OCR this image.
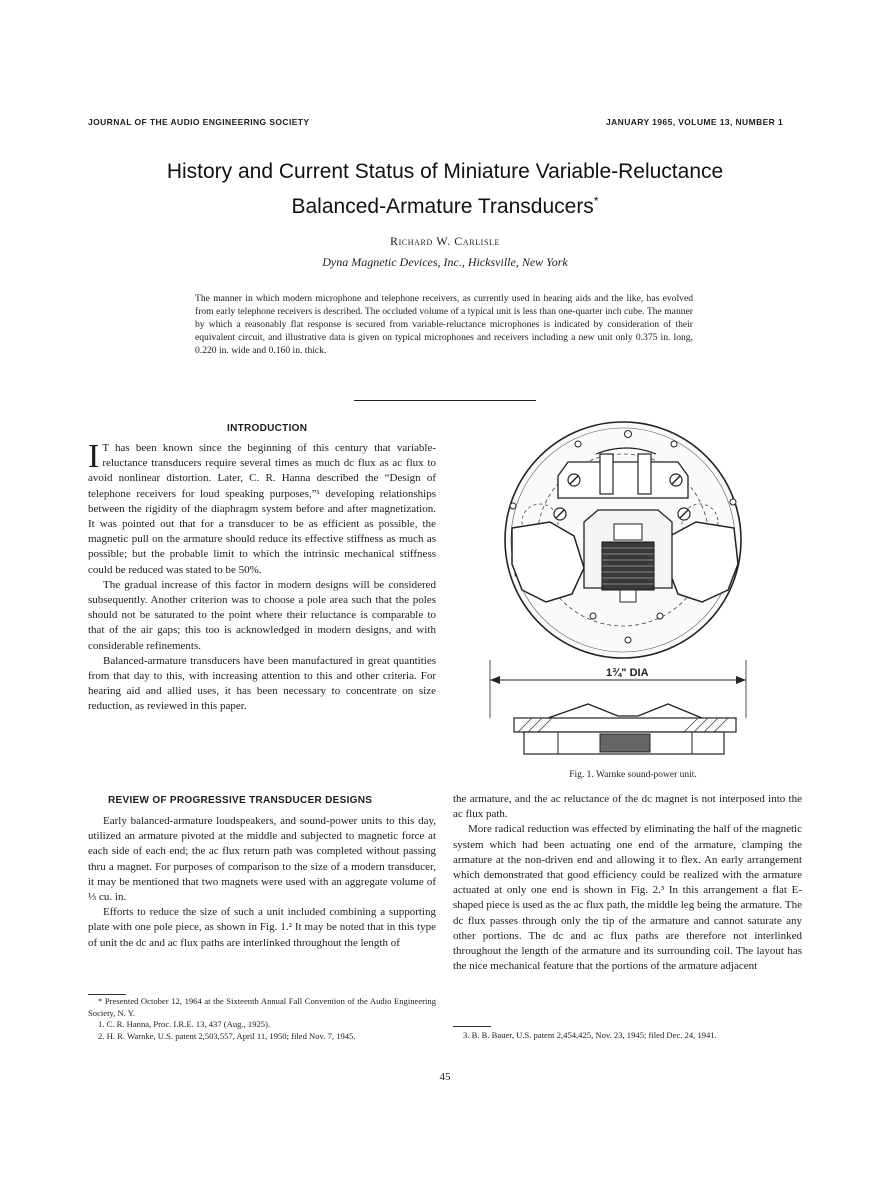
JOURNAL OF THE AUDIO ENGINEERING SOCIETY	JANUARY 1965, VOLUME 13, NUMBER 1
History and Current Status of Miniature Variable-Reluctance
Balanced-Armature Transducers*
Richard W. Carlisle
Dyna Magnetic Devices, Inc., Hicksville, New York
The manner in which modern microphone and telephone receivers, as currently used in hearing aids and the like, has evolved from early telephone receivers is described. The occluded volume of a typical unit is less than one-quarter inch cube. The manner by which a reasonably flat response is secured from variable-reluctance microphones is indicated by consideration of their equivalent circuit, and illustrative data is given on typical microphones and receivers including a new unit only 0.375 in. long, 0.220 in. wide and 0.160 in. thick.
INTRODUCTION

I T has been known since the beginning of this century that variable-reluctance transducers require several times as much dc flux as ac flux to avoid nonlinear distortion. Later, C. R. Hanna described the “Design of telephone receivers for loud speaking purposes,”¹ developing relationships between the rigidity of the diaphragm system before and after magnetization. It was pointed out that for a transducer to be as efficient as possible, the magnetic pull on the armature should reduce its effective stiffness as much as possible; but the probable limit to which the intrinsic mechanical stiffness could be reduced was stated to be 50%.

The gradual increase of this factor in modern designs will be considered subsequently. Another criterion was to choose a pole area such that the poles should not be saturated to the point where their reluctance is comparable to that of the air gaps; this too is acknowledged in modern designs, and with considerable refinements.

Balanced-armature transducers have been manufactured in great quantities from that day to this, with increasing attention to this and other criteria. For hearing aid and allied uses, it has been necessary to concentrate on size reduction, as reviewed in this paper.

REVIEW OF PROGRESSIVE TRANSDUCER DESIGNS

Early balanced-armature loudspeakers, and sound-power units to this day, utilized an armature pivoted at the middle and subjected to magnetic force at each side of each end; the ac flux return path was completed without passing thru a magnet. For purposes of comparison to the size of a modern transducer, it may be mentioned that two magnets were used with an aggregate volume of ⅓ cu. in.

Efforts to reduce the size of such a unit included combining a supporting plate with one pole piece, as shown in Fig. 1.² It may be noted that in this type of unit the dc and ac flux paths are interlinked throughout the length of

* Presented October 12, 1964 at the Sixteenth Annual Fall Convention of the Audio Engineering Society, N. Y.

1. C. R. Hanna, Proc. I.R.E. 13, 437 (Aug., 1925).

2. H. R. Warnke, U.S. patent 2,503,557, April 11, 1950; filed Nov. 7, 1945.

1¾" DIA
Fig. 1. Warnke sound-power unit.

the armature, and the ac reluctance of the dc magnet is not interposed into the ac flux path.

More radical reduction was effected by eliminating the half of the magnetic system which had been actuating one end of the armature, clamping the armature at the non-driven end and allowing it to flex. An early arrangement which demonstrated that good efficiency could be realized with the armature actuated at only one end is shown in Fig. 2.³ In this arrangement a flat E-shaped piece is used as the ac flux path, the middle leg being the armature. The dc flux passes through only the tip of the armature and cannot saturate any other portions. The dc and ac flux paths are therefore not interlinked throughout the length of the armature and its surrounding coil. The layout has the nice mechanical feature that the portions of the armature adjacent

3. B. B. Bauer, U.S. patent 2,454,425, Nov. 23, 1945; filed Dec. 24, 1941.

45
